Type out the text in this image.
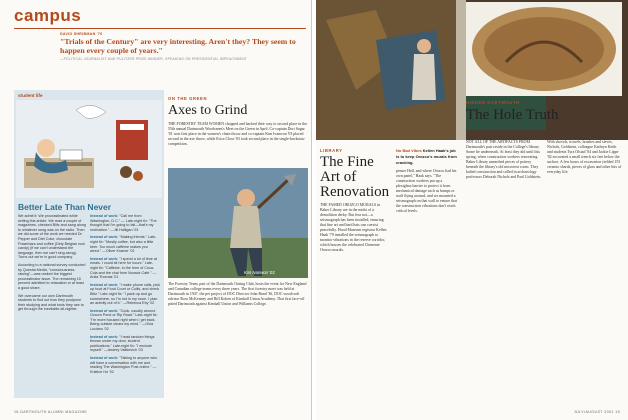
campus
DAVID SHRIBMAN '76
"Trials of the Century" are very interesting. Aren't they? They seem to happen every couple of years."
—POLITICAL JOURNALIST AND PULITZER PRIZE WINNER, SPEAKING ON PRESIDENTIAL IMPEACHMENT
student life
Better Late Than Never

We admit it: We procrastinated while writing this article. We read a couple of magazines, checked Blitz and sang along to whatever song was on the radio. Then we did some of the work we needed Dr. Pepper and Diet Coke, chocolate Powerbars and coffee (Dirty Belgian rock candy) (if we can't understand the language, then we can't sing along). Turns out we're in good company.

According to a national survey conducted by Questia Media, "consciousness-raising"—was ranked the biggest procrastinator issue. The remaining 15 percent admitted to relaxation or at least a good share.

We overcame our own Dartmouth students to find out how they postpone their studying and what tools they use to get through the inevitable all-nighter.

Instead of work: "Call me from Washington, D.C." — Late-night fix: "The thought that I'm going to fail—that's my motivation." —Jill Halligan '03

Instead of work: "Making friends." Late-night fix: "Mostly coffee, but also a little beer. Too much caffeine makes you wired." —Oliver Kramer '02

Instead of work: "I spend a lot of time at meals. I could sit here for hours." Late-night fix: "Caffeine, in the form of Coca-Cola and the chai from Novack Café." —Anila Thomas '01

Instead of work: "I make phone calls, pick up food at Food Court or Collis, and check Blitz." Late-night fix: "I pack up and go somewhere, so I'm not in my room. I plan an activity out of it." —Rebecca Eby '02

Instead of work: "Cook, usually around Occom Pond or Rip Road." Late-night fix: "I'm more focused right when I get back. Being outside clears my mind." —Gina Luciano '02

Instead of work: "I read random things thrown under my door, student publications." Late-night fix: "I exclude myself." —Andrey Vaitkevich '03

Instead of work: "Talking to anyone who will have a conversation with me and reading The Washington Post online." —Kristine Ho '02

ON THE GREEN
Axes to Grind
THE FORESTRY TEAM WOMEN chopped and hacked their way to second place in the 55th annual Dartmouth Woodsmen's Meet on the Green in April. Co-captain Dori Sugar '01 won first place in the women's chain throw and co-captain Kim Ivanwon '03 placed second in the axe throw, while Erica Close '03 took second place in the single-buckstaw competition.
Kim Ivanwon '03
The Forestry Team, part of the Dartmouth Outing Club, hosts the event for New England and Canadian college teams every three years. The first forestry meet was held at Dartmouth in 1947, the pet project of DOC Director John Rand '36, DOC woodcraft advisor Ross McKenney and Bill Kohen of Kimball Union Academy. That first face-off pitted Dartmouth against Kimball Union and Williams College.
18 DARTMOUTH ALUMNI MAGAZINE	JULY/AUGUST 2001 19
LIBRARY
The Fine Art of Renovation
THE FAMED OROZCO MURALS in Baker Library are in the midst of a demolition derby. But fear not—a seismograph has been installed, ensuring that fine art and hard hats can coexist peacefully. Hood Museum registrar Kellen Haak '79 installed the seismograph to monitor vibrations in the reserve corridor, which houses the celebrated Clemente Orozco murals.
No Bad Vibes Kellen Haak's job is to keep Orozco's murals from cracking.
penser Hall, and where Orozco had his own panel," Haak says. "The construction workers put up a plexiglass barrier to protect it from mechanical damage such as bumps or stuff flying around, and we mounted a seismograph on that wall to ensure that the construction vibrations don't reach critical levels.
HIDDEN DARTMOUTH
The Hole Truth
NOT ALL OF THE ARTIFACTS FROM Dartmouth's past reside in the College's library. Some lie underneath. At least they did until this spring, when construction workers renovating Baker Library unearthed pieces of pottery beneath the library's old microtext room. They halted construction and called in archaeology professors Deborah Nichols and Paul Goldstein. With shovels, trowels, brushes and sieves, Nichols, Goldstein, colleague Kathryn Keith and students Tyra Olstad '04 and Jackie Lippe '02 excavated a small trench six feet below the surface. A few hours of excavation yielded 153 ceramic shards, pieces of glass and other bits of everyday life.
